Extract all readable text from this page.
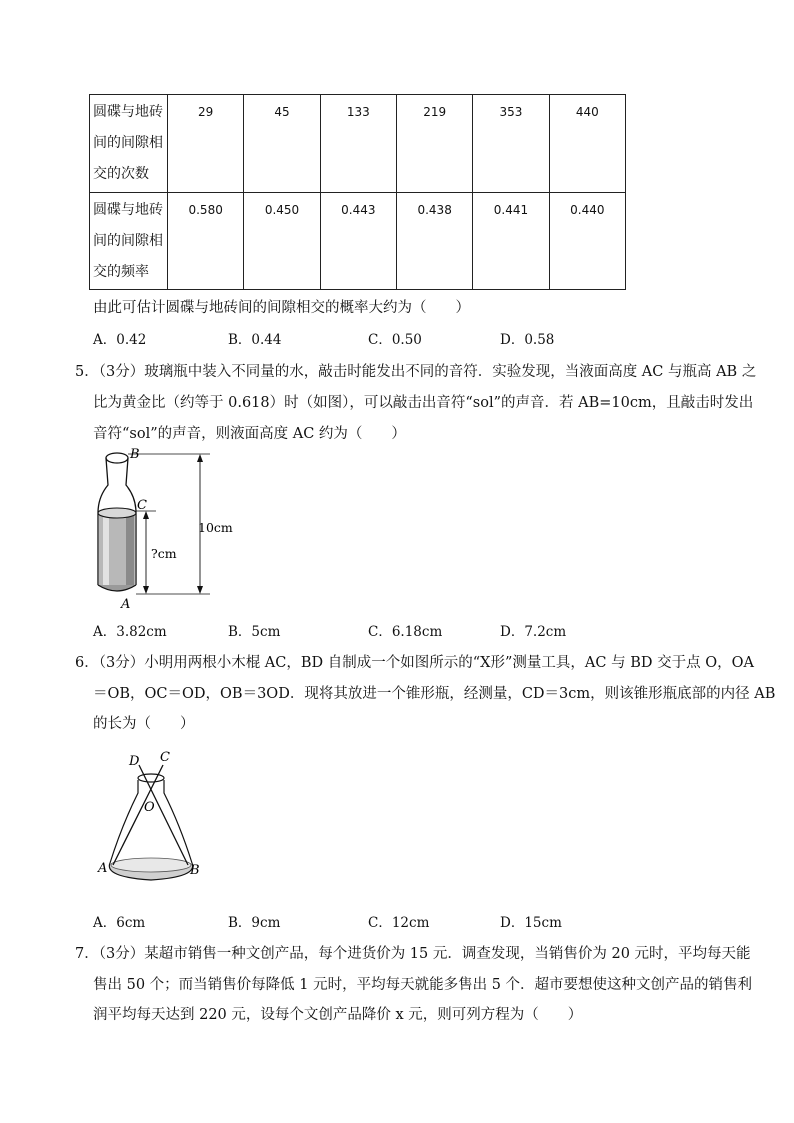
圆碟与地砖
间的间隙相
交的次数	29	45	133	219	353	440

圆碟与地砖
间的间隙相
交的频率	0.580	0.450	0.443	0.438	0.441	0.440
由此可估计圆碟与地砖间的间隙相交的概率大约为（　　）
A．0.42	B．0.44	C．0.50	D．0.58
5．（3分）玻璃瓶中装入不同量的水，敲击时能发出不同的音符．实验发现，当液面高度 AC 与瓶高 AB 之
比为黄金比（约等于 0.618）时（如图），可以敲击出音符“sol”的声音．若 AB=10cm，且敲击时发出
音符“sol”的声音，则液面高度 AC 约为（　　）
B
C
A
10cm
?cm
A．3.82cm	B．5cm	C．6.18cm	D．7.2cm
6．（3分）小明用两根小木棍 AC，BD 自制成一个如图所示的“X形”测量工具，AC 与 BD 交于点 O，OA
＝OB，OC＝OD，OB＝3OD．现将其放进一个锥形瓶，经测量，CD＝3cm，则该锥形瓶底部的内径 AB
的长为（　　）
D C
O
A	B
A．6cm	B．9cm	C．12cm	D．15cm
7．（3分）某超市销售一种文创产品，每个进货价为 15 元．调查发现，当销售价为 20 元时，平均每天能
售出 50 个；而当销售价每降低 1 元时，平均每天就能多售出 5 个．超市要想使这种文创产品的销售利
润平均每天达到 220 元，设每个文创产品降价 x 元，则可列方程为（　　）
